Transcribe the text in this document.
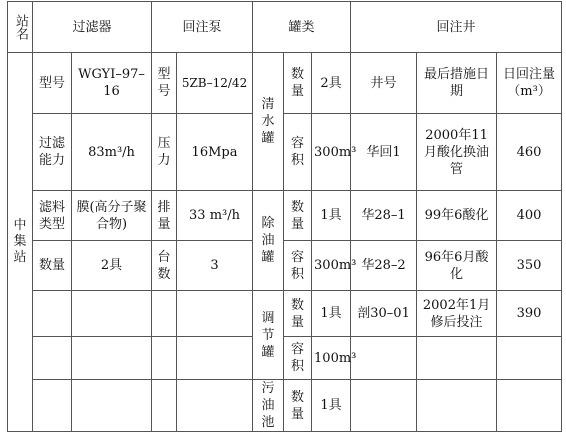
站名	过滤器		回注泵		罐类			回注井		

中集站	型号	WGYI–97–16	型号	5ZB–12/42	清水罐	数量	2具	井号	最后措施日期	日回注量（m³）
	过滤能力	83m³/h	压力	16Mpa		容积	300m³	华回1	2000年11月酸化换油管	460
	滤料类型	膜(高分子聚合物)	排量	33 m³/h	除油罐	数量	1具	华28–1	99年6酸化	400
	数量	2具	台数	3		容积	300m³	华28–2	96年6月酸化	350

					调节罐	数量	1具	剖30–01	2002年1月修后投注	390

						容积	100m³			

					污油池	数量	1具			
